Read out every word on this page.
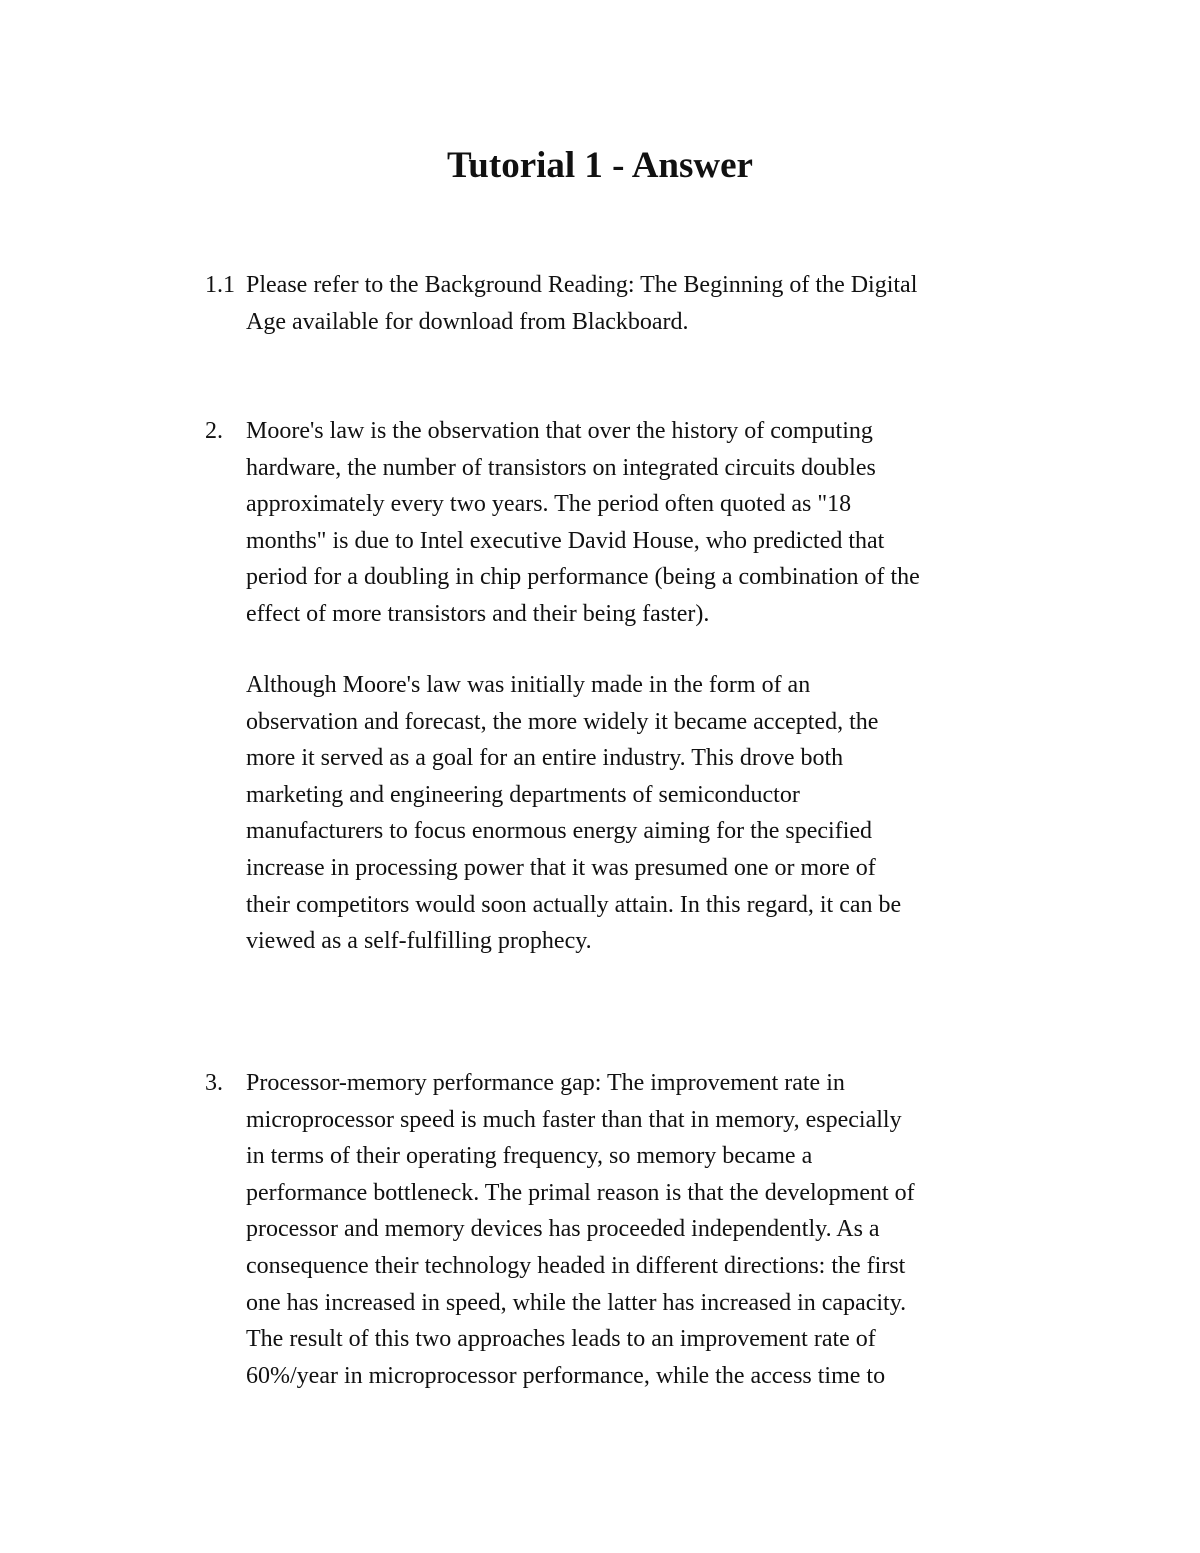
Tutorial 1 - Answer
1.1 Please refer to the Background Reading: The Beginning of the Digital
Age available for download from Blackboard.
2. Moore's law is the observation that over the history of computing
hardware, the number of transistors on integrated circuits doubles
approximately every two years. The period often quoted as "18
months" is due to Intel executive David House, who predicted that
period for a doubling in chip performance (being a combination of the
effect of more transistors and their being faster).
Although Moore's law was initially made in the form of an
observation and forecast, the more widely it became accepted, the
more it served as a goal for an entire industry. This drove both
marketing and engineering departments of semiconductor
manufacturers to focus enormous energy aiming for the specified
increase in processing power that it was presumed one or more of
their competitors would soon actually attain. In this regard, it can be
viewed as a self-fulfilling prophecy.
3. Processor-memory performance gap: The improvement rate in
microprocessor speed is much faster than that in memory, especially
in terms of their operating frequency, so memory became a
performance bottleneck. The primal reason is that the development of
processor and memory devices has proceeded independently. As a
consequence their technology headed in different directions: the first
one has increased in speed, while the latter has increased in capacity.
The result of this two approaches leads to an improvement rate of
60%/year in microprocessor performance, while the access time to
